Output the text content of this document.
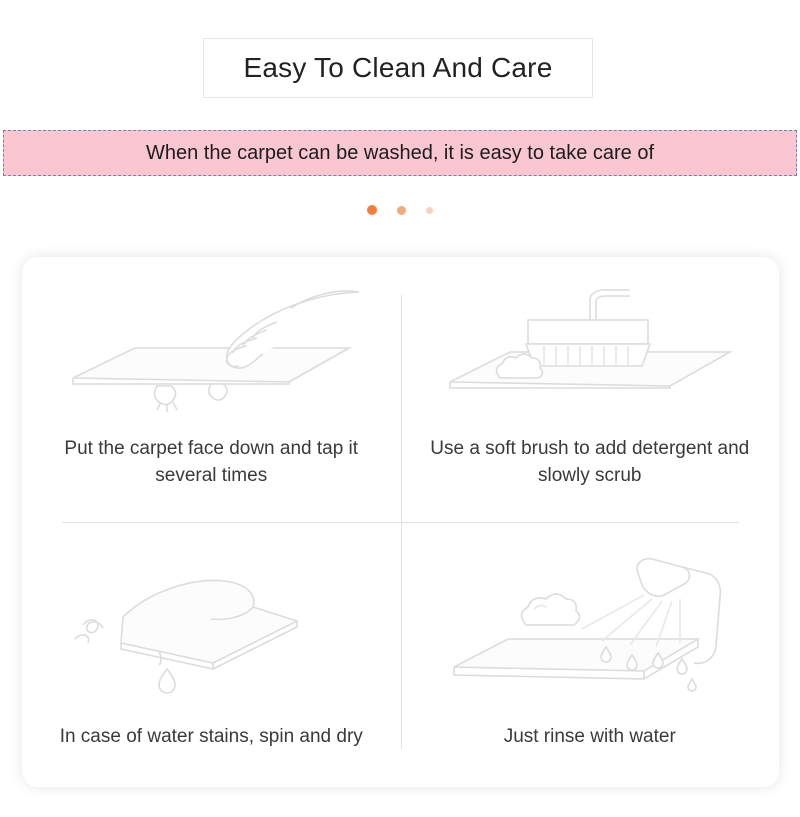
Easy To Clean And Care
When the carpet can be washed, it is easy to take care of
Put the carpet face down and tap it several times
Use a soft brush to add detergent and slowly scrub
In case of water stains, spin and dry	Just rinse with water
